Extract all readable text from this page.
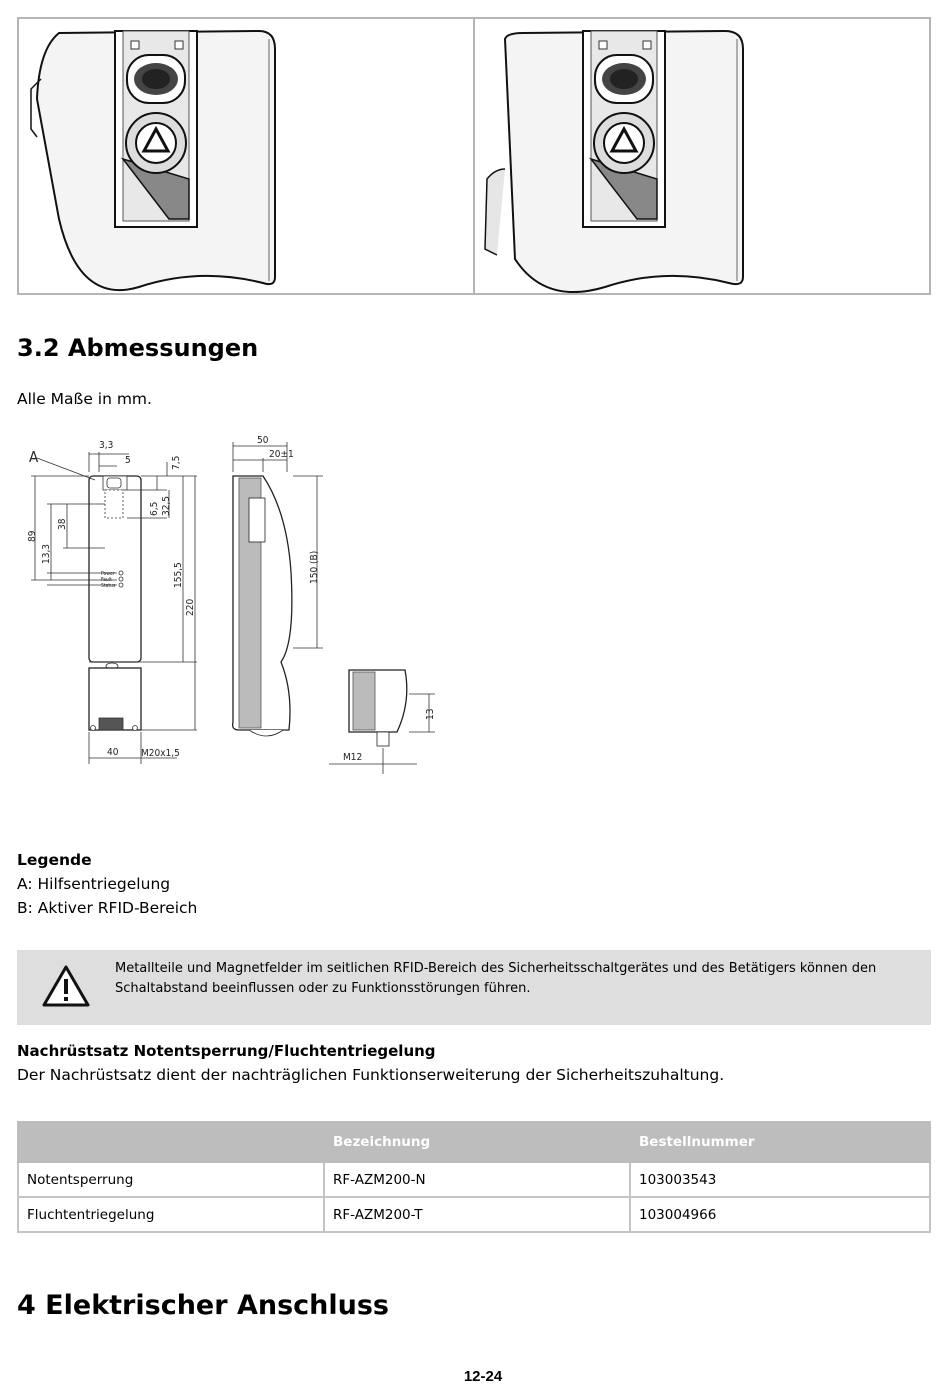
3.2 Abmessungen

Alle Maße in mm.

A
3,3
5	7,5
89
38
13,3
6,5 32,5
155,5
220
40 M20x1,5
Power
Fault
Status
50
20±1
150 (B)
13
M12
Legende
A: Hilfsentriegelung
B: Aktiver RFID-Bereich
Metallteile und Magnetfelder im seitlichen RFID-Bereich des Sicherheitsschaltgerätes und des Betätigers können den Schaltabstand beeinflussen oder zu Funktionsstörungen führen.
Nachrüstsatz Notentsperrung/Fluchtentriegelung
Der Nachrüstsatz dient der nachträglichen Funktionserweiterung der Sicherheitszuhaltung.
	Bezeichnung	Bestellnummer
Notentsperrung	RF-AZM200-N	103003543
Fluchtentriegelung	RF-AZM200-T	103004966
4 Elektrischer Anschluss
12-24
